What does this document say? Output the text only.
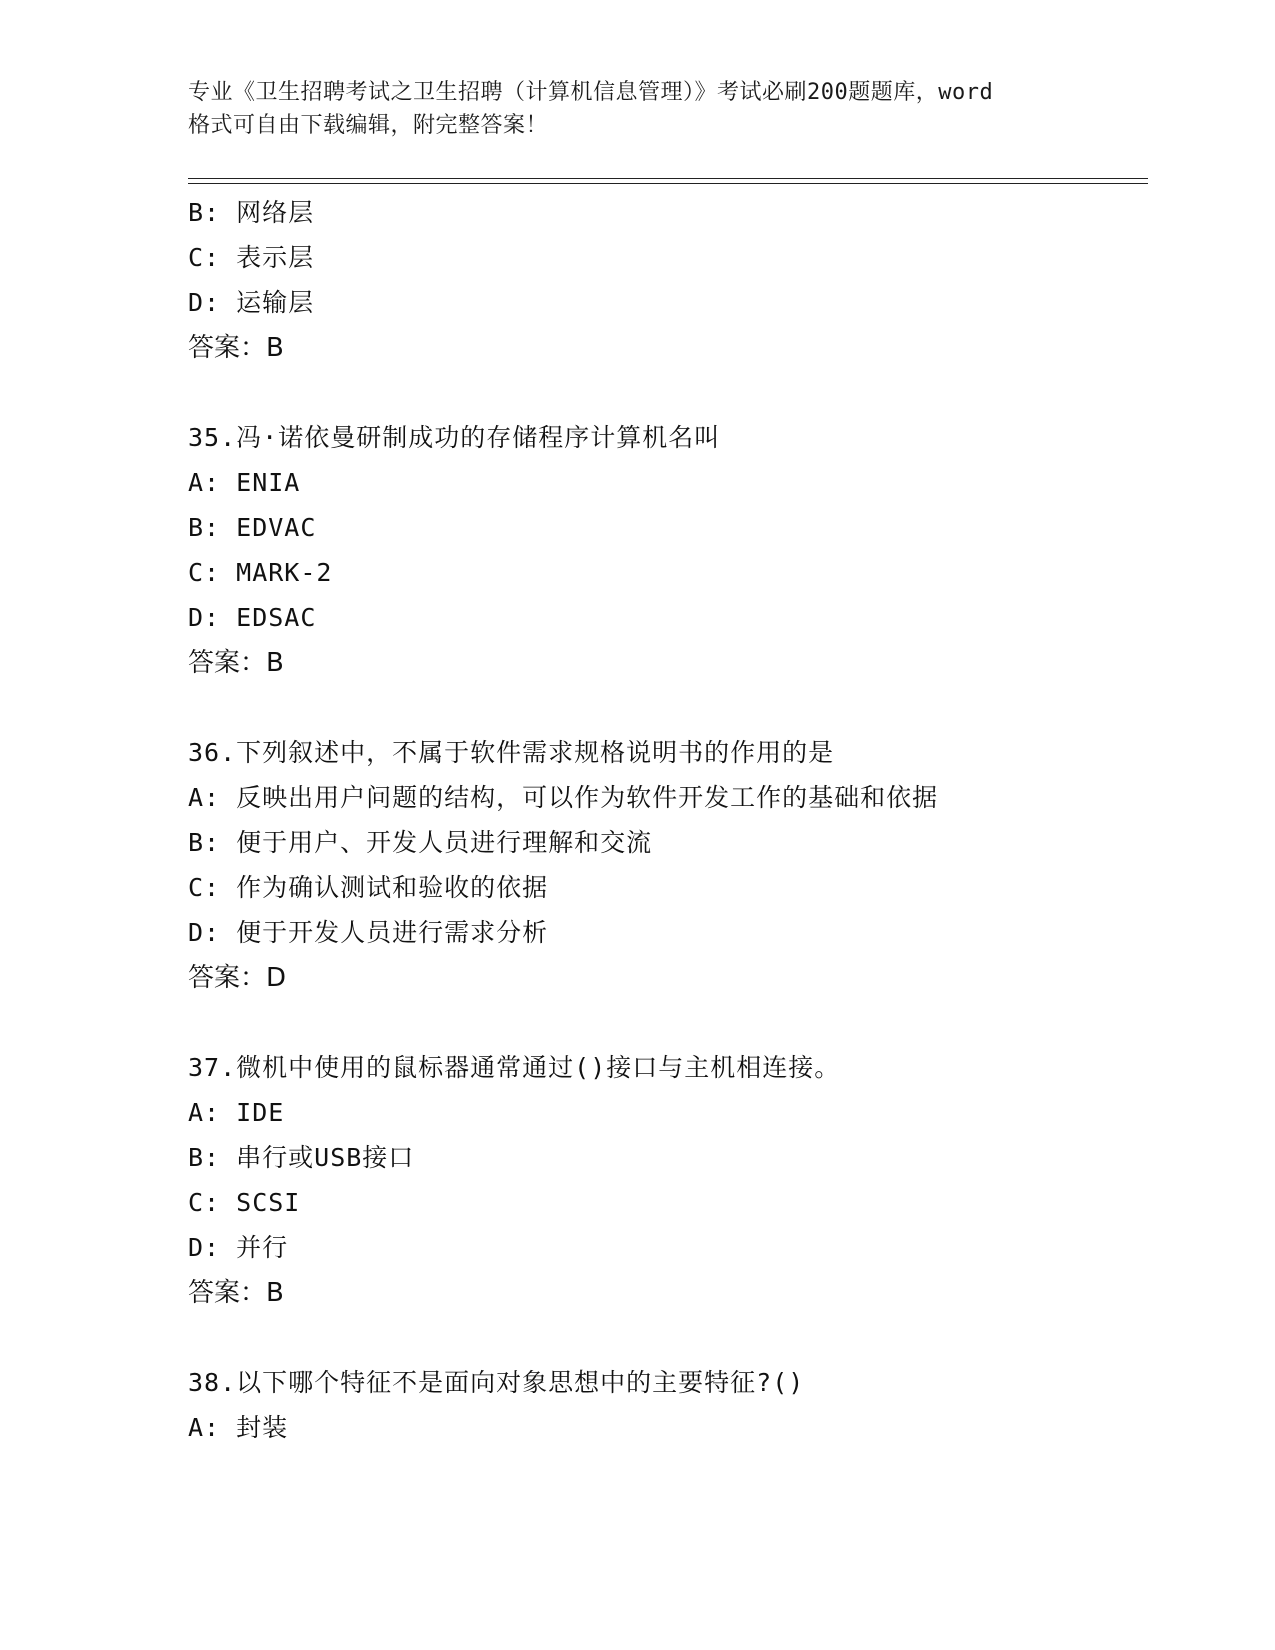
专业《卫生招聘考试之卫生招聘（计算机信息管理）》考试必刷200题题库，word
格式可自由下载编辑，附完整答案！
B: 网络层
C: 表示层
D: 运输层
答案：B
35.冯·诺依曼研制成功的存储程序计算机名叫
A: ENIA
B: EDVAC
C: MARK-2
D: EDSAC
答案：B
36.下列叙述中，不属于软件需求规格说明书的作用的是
A: 反映出用户问题的结构，可以作为软件开发工作的基础和依据
B: 便于用户、开发人员进行理解和交流
C: 作为确认测试和验收的依据
D: 便于开发人员进行需求分析
答案：D
37.微机中使用的鼠标器通常通过()接口与主机相连接。
A: IDE
B: 串行或USB接口
C: SCSI
D: 并行
答案：B
38.以下哪个特征不是面向对象思想中的主要特征?()
A: 封装
